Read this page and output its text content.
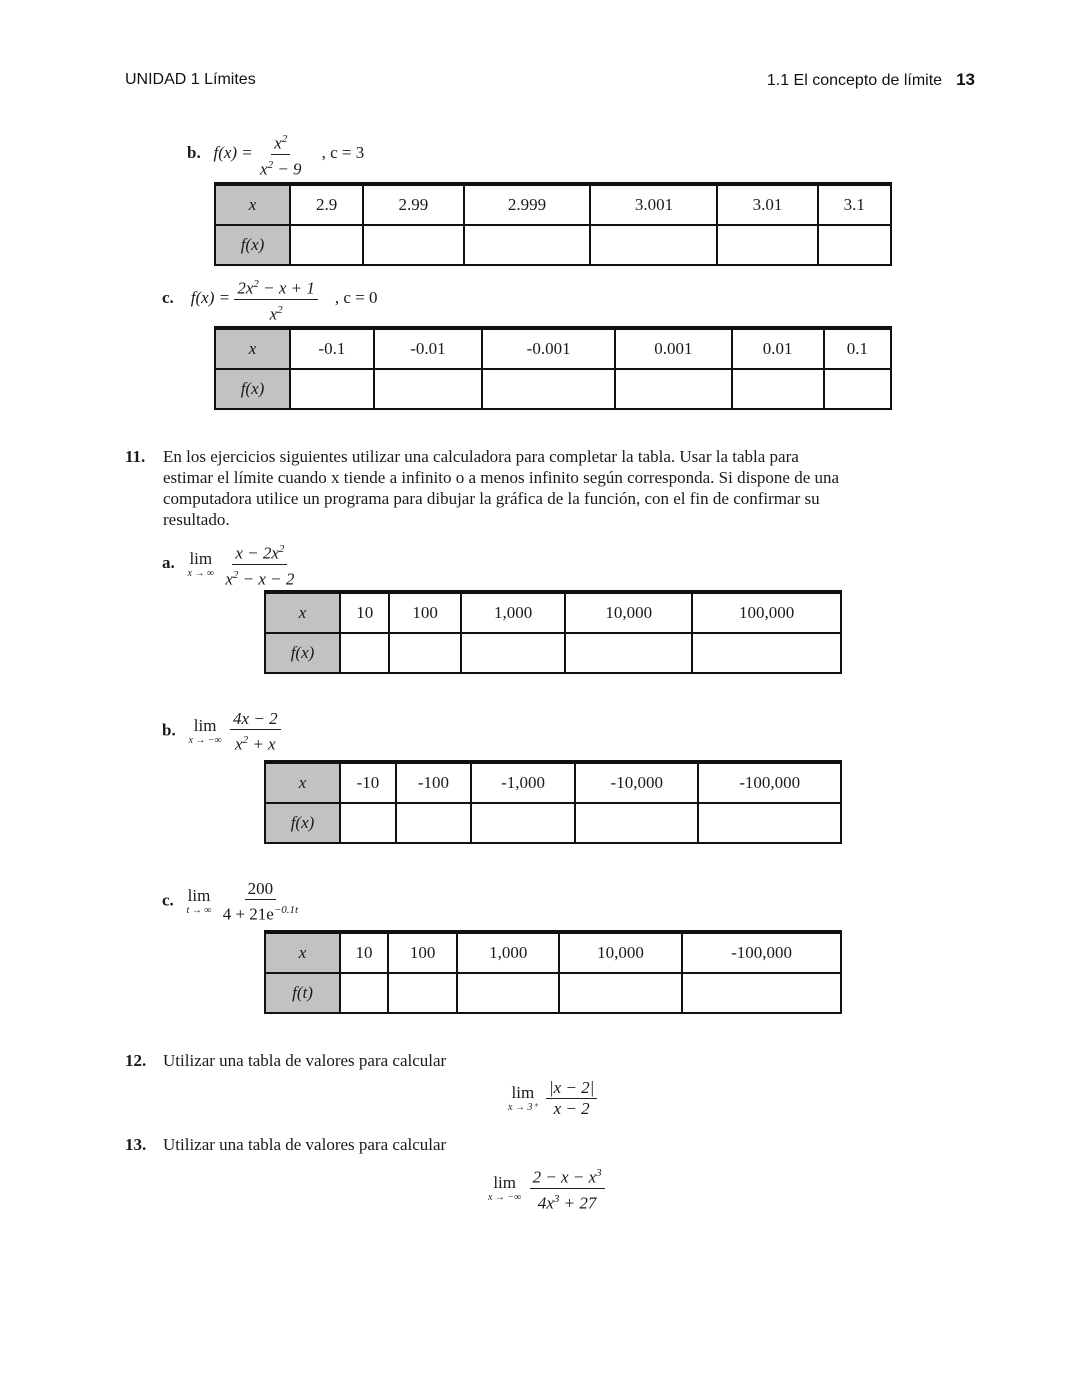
UNIDAD 1 Límites	1.1 El concepto de límite 13
b. $f(x) = \frac{x^2}{x^2 - 9}$ , c = 3
x	2.9	2.99	2.999	3.001	3.01	3.1
f(x)						
c. $f(x) = \frac{2x^2 - x + 1}{x^2}$ , c = 0
x	-0.1	-0.01	-0.001	0.001	0.01	0.1
f(x)						
11. En los ejercicios siguientes utilizar una calculadora para completar la tabla. Usar la tabla para
estimar el límite cuando x tiende a infinito o a menos infinito según corresponda. Si dispone de una
computadora utilice un programa para dibujar la gráfica de la función, con el fin de confirmar su
resultado.
a. lim
x → ∞
$\frac{x - 2x^2}{x^2 - x - 2}$
x	10	100	1,000	10,000	100,000
f(x)					
b. lim
x → −∞
$\frac{4x - 2}{x^2 + x}$
x	-10	-100	-1,000	-10,000	-100,000
f(x)					
c. lim
t → ∞
$\frac{200}{4 + 21e^{-0.1t}}$
x	10	100	1,000	10,000	-100,000
f(t)					
12. Utilizar una tabla de valores para calcular
lim
x → 3⁺
$\frac{|x - 2|}{x - 2}$
13. Utilizar una tabla de valores para calcular
lim
x → −∞
$\frac{2 - x - x^3}{4x^3 + 27}$
